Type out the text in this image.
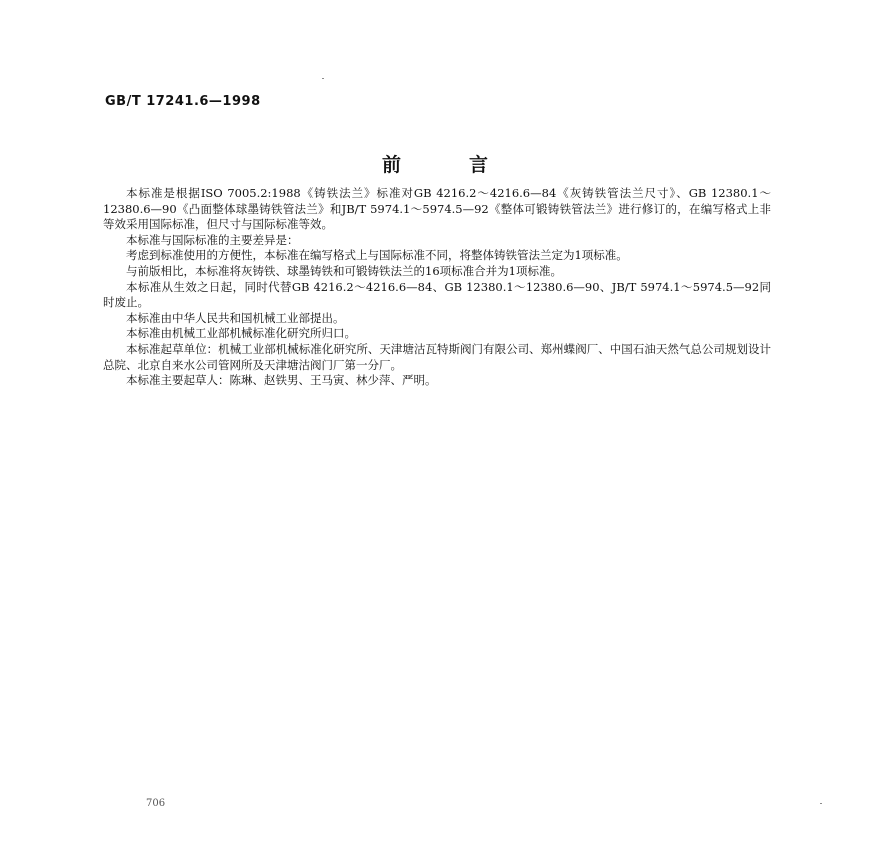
GB/T 17241.6—1998
前言

本标准是根据ISO 7005.2:1988《铸铁法兰》标准对GB 4216.2～4216.6—84《灰铸铁管法兰尺寸》、GB 12380.1～12380.6—90《凸面整体球墨铸铁管法兰》和JB/T 5974.1～5974.5—92《整体可锻铸铁管法兰》进行修订的，在编写格式上非等效采用国际标准，但尺寸与国际标准等效。

本标准与国际标准的主要差异是：

考虑到标准使用的方便性，本标准在编写格式上与国际标准不同，将整体铸铁管法兰定为1项标准。

与前版相比，本标准将灰铸铁、球墨铸铁和可锻铸铁法兰的16项标准合并为1项标准。

本标准从生效之日起，同时代替GB 4216.2～4216.6—84、GB 12380.1～12380.6—90、JB/T 5974.1～5974.5—92同时废止。

本标准由中华人民共和国机械工业部提出。

本标准由机械工业部机械标准化研究所归口。

本标准起草单位：机械工业部机械标准化研究所、天津塘沽瓦特斯阀门有限公司、郑州蝶阀厂、中国石油天然气总公司规划设计总院、北京自来水公司管网所及天津塘沽阀门厂第一分厂。

本标准主要起草人：陈琳、赵铁男、王马寅、林少萍、严明。

706
